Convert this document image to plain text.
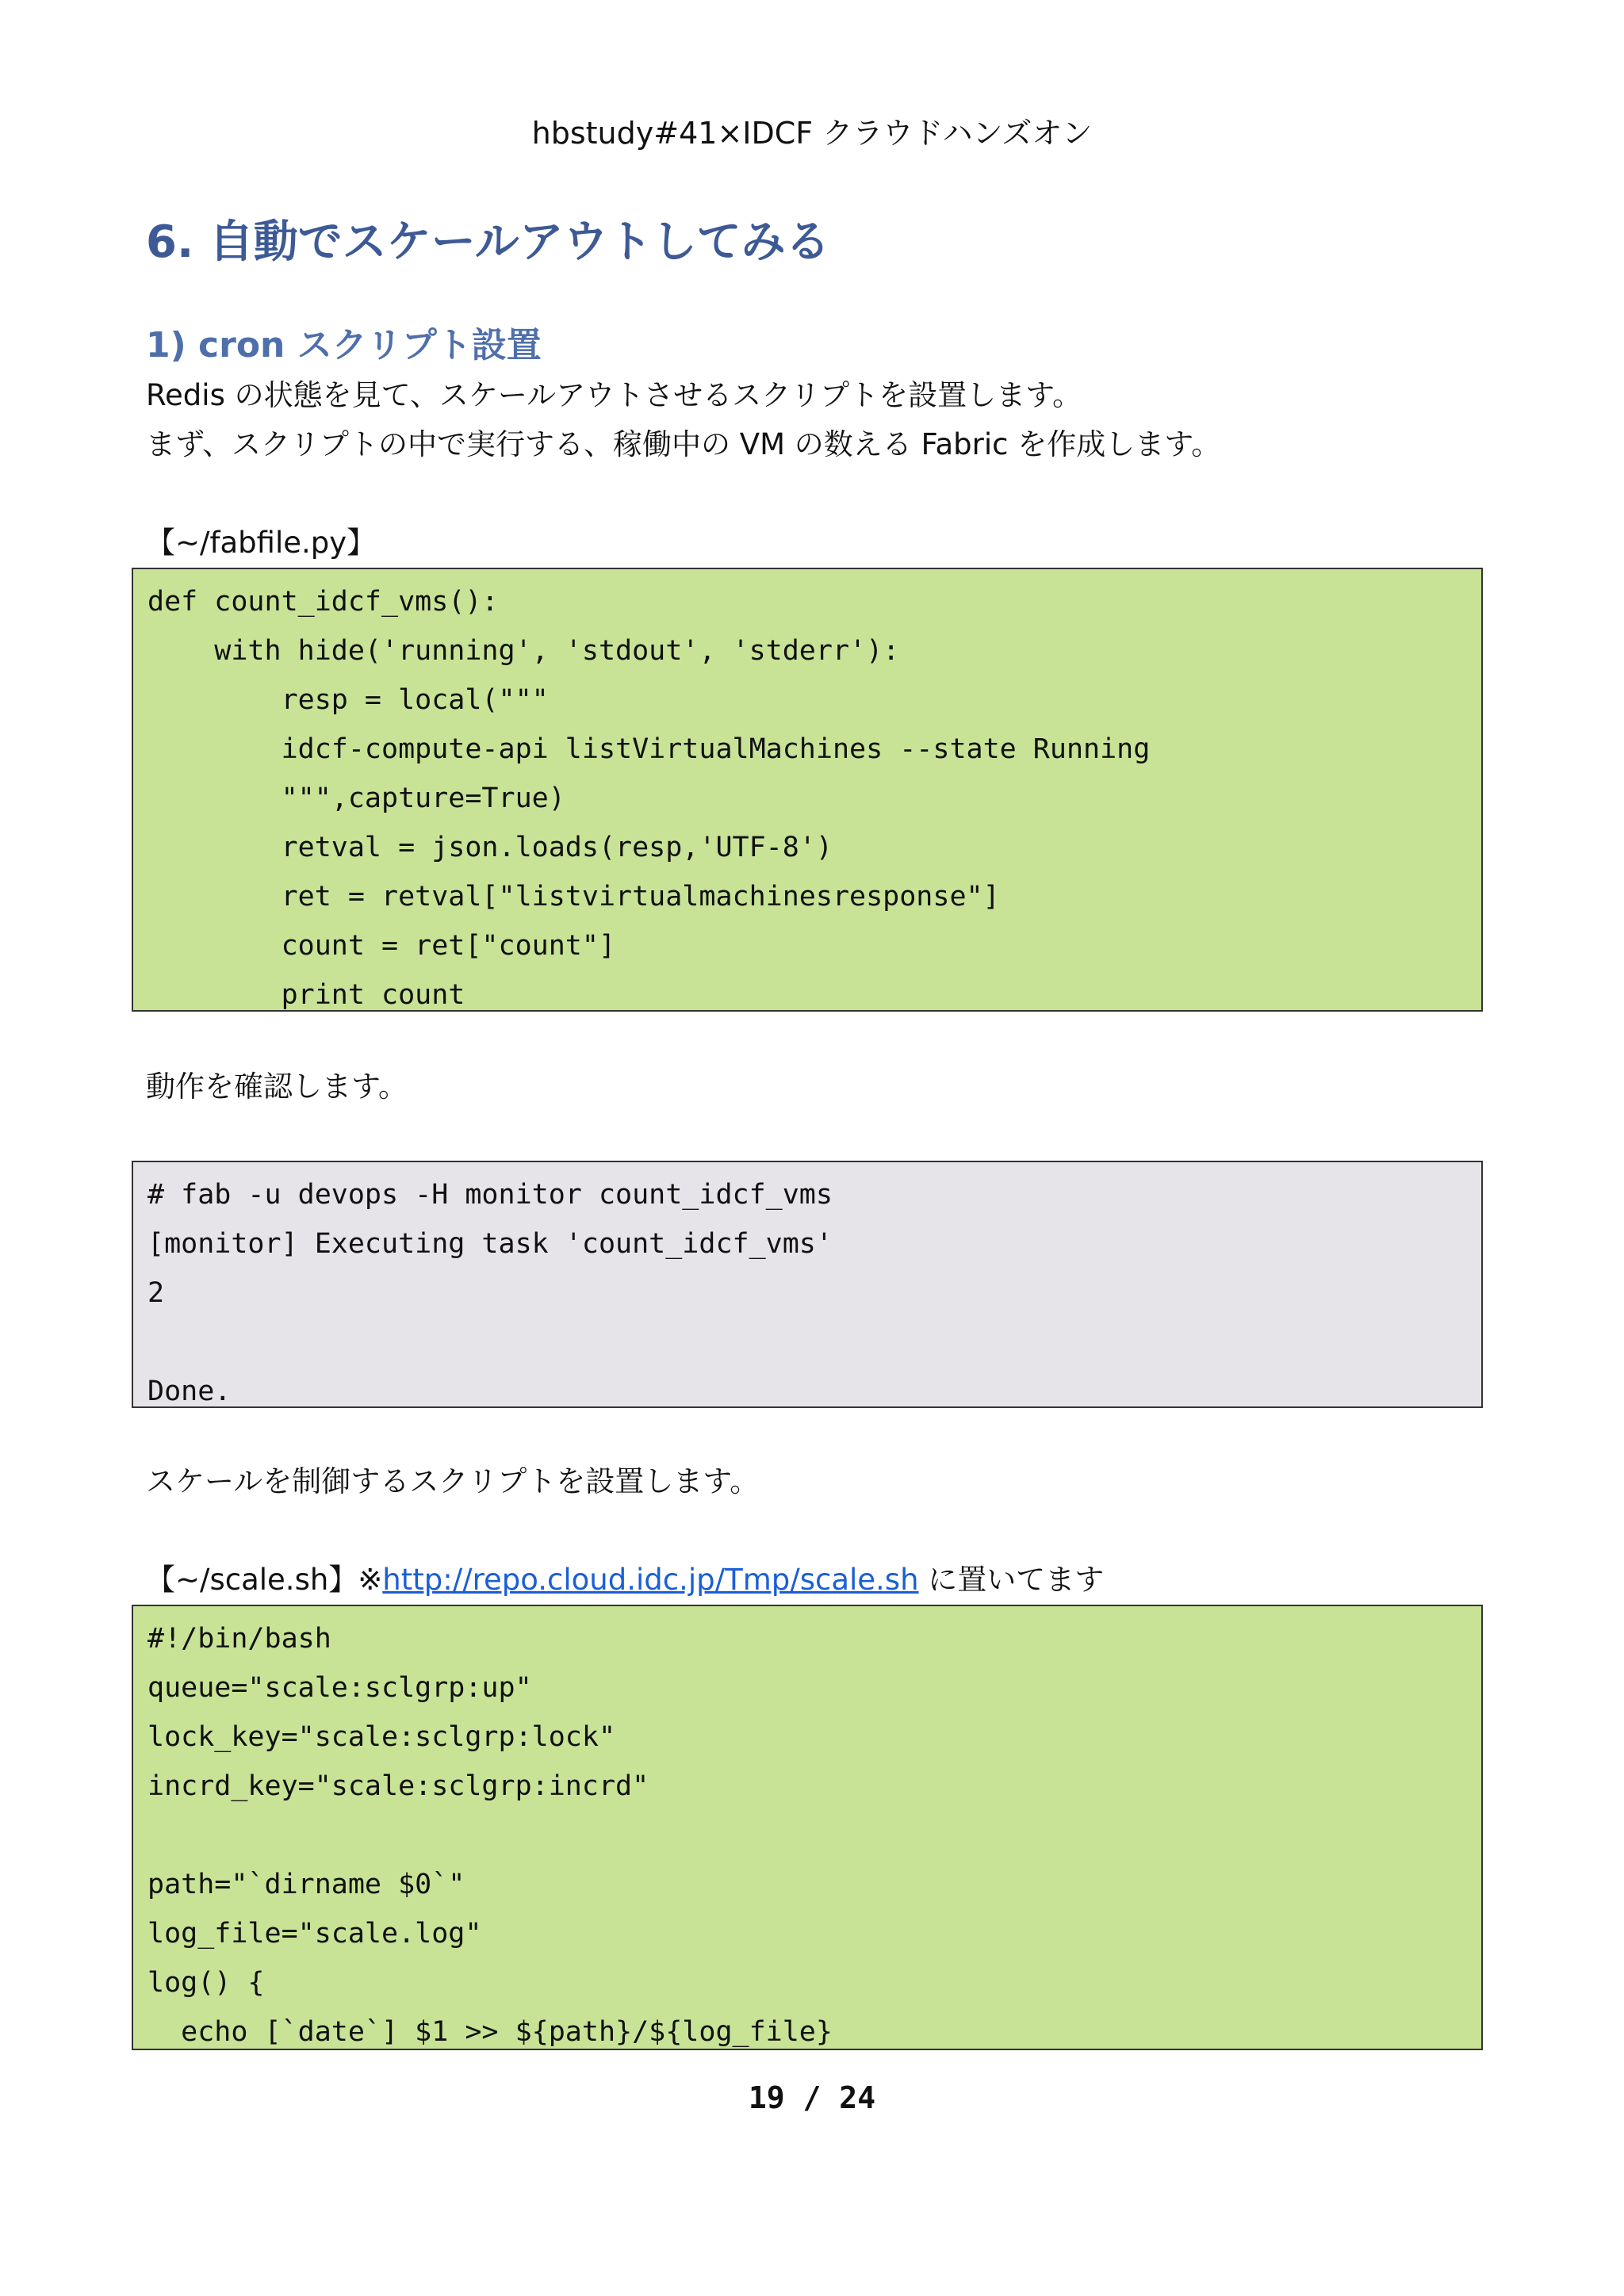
hbstudy#41×IDCF クラウドハンズオン
6. 自動でスケールアウトしてみる
1) cron スクリプト設置
Redis の状態を見て、スケールアウトさせるスクリプトを設置します。
まず、スクリプトの中で実行する、稼働中の VM の数える Fabric を作成します。
【~/fabfile.py】
def count_idcf_vms():
with hide('running', 'stdout', 'stderr'):
resp = local("""
idcf-compute-api listVirtualMachines --state Running
""",capture=True)
retval = json.loads(resp,'UTF-8')
ret = retval["listvirtualmachinesresponse"]
count = ret["count"]
print count
動作を確認します。
# fab -u devops -H monitor count_idcf_vms
[monitor] Executing task 'count_idcf_vms'
2
Done.
スケールを制御するスクリプトを設置します。
【~/scale.sh】※http://repo.cloud.idc.jp/Tmp/scale.sh に置いてます
#!/bin/bash
queue="scale:sclgrp:up"
lock_key="scale:sclgrp:lock"
incrd_key="scale:sclgrp:incrd"
path="`dirname $0`"
log_file="scale.log"
log() {
echo [`date`] $1 >> ${path}/${log_file}
19 / 24
